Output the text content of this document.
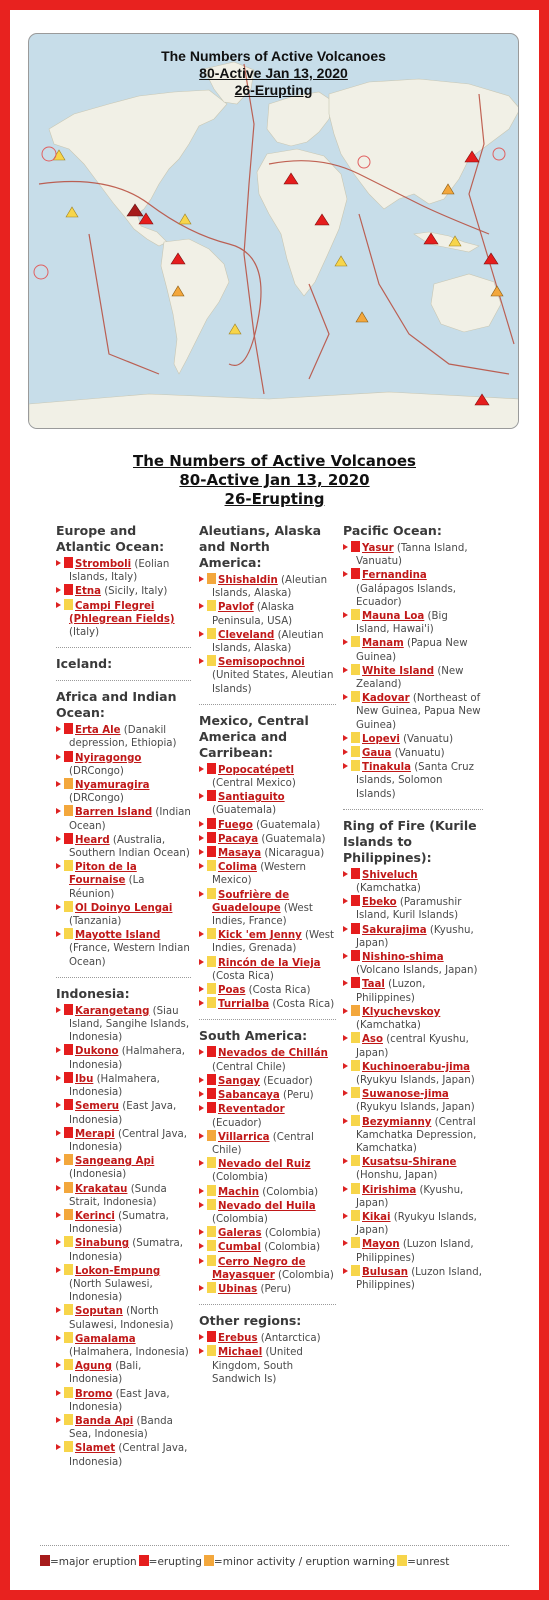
The Numbers of Active Volcanoes
80-Active Jan 13, 2020
26-Erupting
The Numbers of Active Volcanoes
80-Active Jan 13, 2020
26-Erupting
Europe and Atlantic Ocean:
Stromboli (Eolian Islands, Italy)
Etna (Sicily, Italy)
Campi Flegrei (Phlegrean Fields) (Italy)
Iceland:
Africa and Indian Ocean:
Erta Ale (Danakil depression, Ethiopia)
Nyiragongo (DRCongo)
Nyamuragira (DRCongo)
Barren Island (Indian Ocean)
Heard (Australia, Southern Indian Ocean)
Piton de la Fournaise (La Réunion)
Ol Doinyo Lengai (Tanzania)
Mayotte Island (France, Western Indian Ocean)
Indonesia:
Karangetang (Siau Island, Sangihe Islands, Indonesia)
Dukono (Halmahera, Indonesia)
Ibu (Halmahera, Indonesia)
Semeru (East Java, Indonesia)
Merapi (Central Java, Indonesia)
Sangeang Api (Indonesia)
Krakatau (Sunda Strait, Indonesia)
Kerinci (Sumatra, Indonesia)
Sinabung (Sumatra, Indonesia)
Lokon-Empung (North Sulawesi, Indonesia)
Soputan (North Sulawesi, Indonesia)
Gamalama (Halmahera, Indonesia)
Agung (Bali, Indonesia)
Bromo (East Java, Indonesia)
Banda Api (Banda Sea, Indonesia)
Slamet (Central Java, Indonesia)
Aleutians, Alaska and North America:
Shishaldin (Aleutian Islands, Alaska)
Pavlof (Alaska Peninsula, USA)
Cleveland (Aleutian Islands, Alaska)
Semisopochnoi (United States, Aleutian Islands)
Mexico, Central America and Carribean:
Popocatépetl (Central Mexico)
Santiaguito (Guatemala)
Fuego (Guatemala)
Pacaya (Guatemala)
Masaya (Nicaragua)
Colima (Western Mexico)
Soufrière de Guadeloupe (West Indies, France)
Kick 'em Jenny (West Indies, Grenada)
Rincón de la Vieja (Costa Rica)
Poas (Costa Rica)
Turrialba (Costa Rica)
South America:
Nevados de Chillán (Central Chile)
Sangay (Ecuador)
Sabancaya (Peru)
Reventador (Ecuador)
Villarrica (Central Chile)
Nevado del Ruiz (Colombia)
Machin (Colombia)
Nevado del Huila (Colombia)
Galeras (Colombia)
Cumbal (Colombia)
Cerro Negro de Mayasquer (Colombia)
Ubinas (Peru)
Other regions:
Erebus (Antarctica)
Michael (United Kingdom, South Sandwich Is)
Pacific Ocean:
Yasur (Tanna Island, Vanuatu)
Fernandina (Galápagos Islands, Ecuador)
Mauna Loa (Big Island, Hawai'i)
Manam (Papua New Guinea)
White Island (New Zealand)
Kadovar (Northeast of New Guinea, Papua New Guinea)
Lopevi (Vanuatu)
Gaua (Vanuatu)
Tinakula (Santa Cruz Islands, Solomon Islands)
Ring of Fire (Kurile Islands to Philippines):
Shiveluch (Kamchatka)
Ebeko (Paramushir Island, Kuril Islands)
Sakurajima (Kyushu, Japan)
Nishino-shima (Volcano Islands, Japan)
Taal (Luzon, Philippines)
Klyuchevskoy (Kamchatka)
Aso (central Kyushu, Japan)
Kuchinoerabu-jima (Ryukyu Islands, Japan)
Suwanose-jima (Ryukyu Islands, Japan)
Bezymianny (Central Kamchatka Depression, Kamchatka)
Kusatsu-Shirane (Honshu, Japan)
Kirishima (Kyushu, Japan)
Kikai (Ryukyu Islands, Japan)
Mayon (Luzon Island, Philippines)
Bulusan (Luzon Island, Philippines)
=major eruption =erupting =minor activity / eruption warning =unrest
